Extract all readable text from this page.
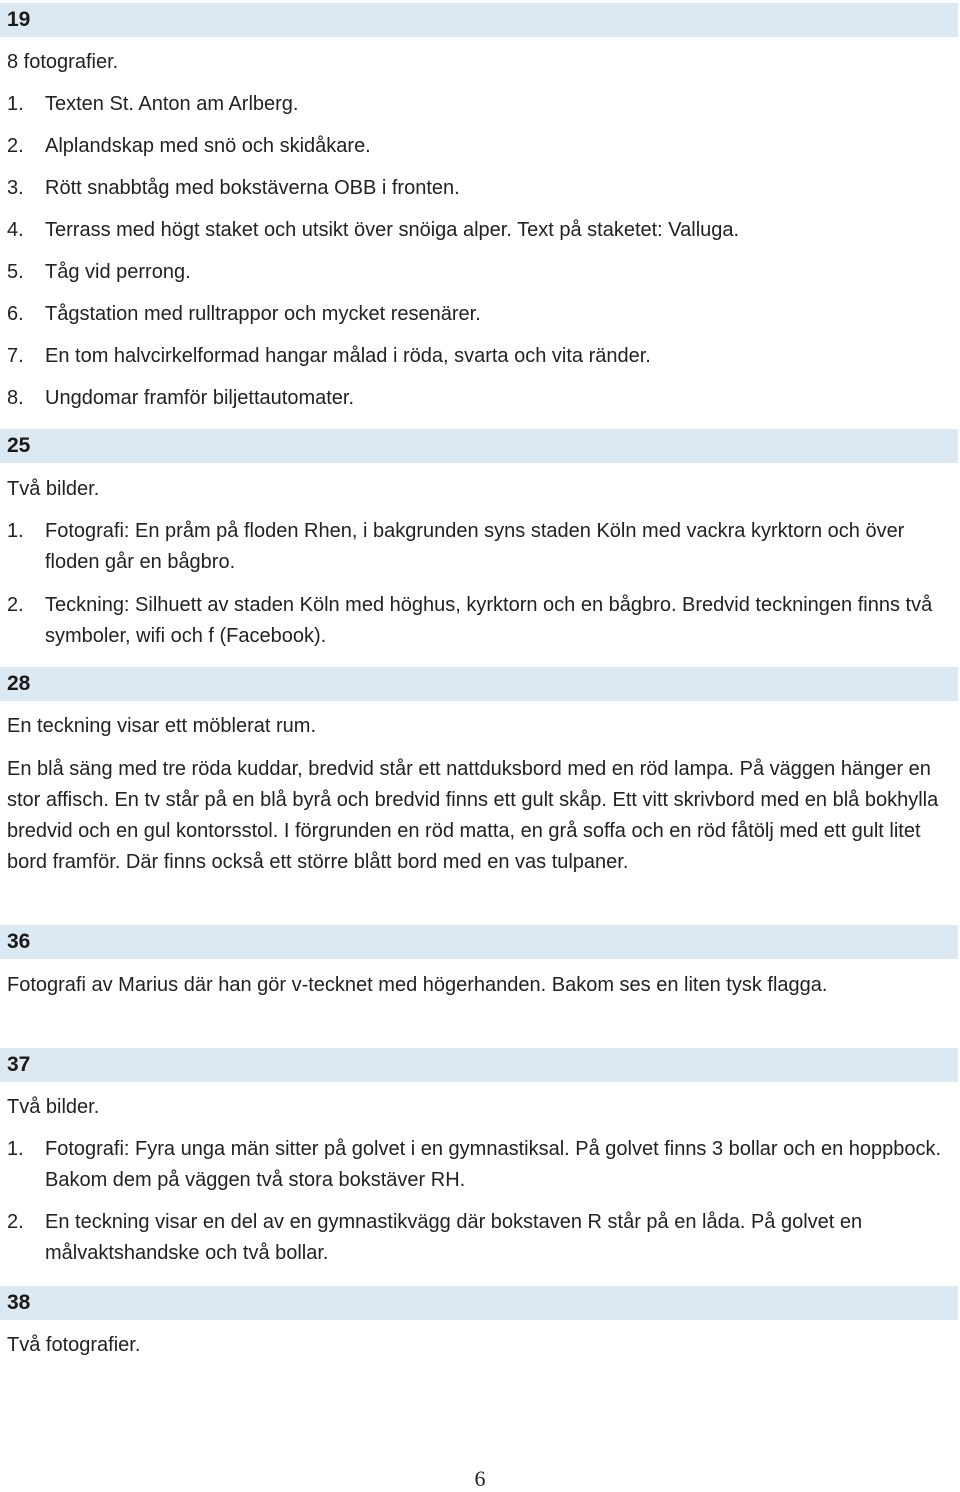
19
8 fotografier.
1. Texten St. Anton am Arlberg.
2. Alplandskap med snö och skidåkare.
3. Rött snabbtåg med bokstäverna OBB i fronten.
4. Terrass med högt staket och utsikt över snöiga alper. Text på staketet: Valluga.
5. Tåg vid perrong.
6. Tågstation med rulltrappor och mycket resenärer.
7. En tom halvcirkelformad hangar målad i röda, svarta och vita ränder.
8. Ungdomar framför biljettautomater.
25
Två bilder.
1. Fotografi: En pråm på floden Rhen, i bakgrunden syns staden Köln med vackra kyrktorn och över floden går en bågbro.
2. Teckning: Silhuett av staden Köln med höghus, kyrktorn och en bågbro. Bredvid teckningen finns två symboler, wifi och f (Facebook).
28
En teckning visar ett möblerat rum.
En blå säng med tre röda kuddar, bredvid står ett nattduksbord med en röd lampa. På väggen hänger en stor affisch. En tv står på en blå byrå och bredvid finns ett gult skåp. Ett vitt skrivbord med en blå bokhylla bredvid och en gul kontorsstol. I förgrunden en röd matta, en grå soffa och en röd fåtölj med ett gult litet bord framför. Där finns också ett större blått bord med en vas tulpaner.
36
Fotografi av Marius där han gör v-tecknet med högerhanden. Bakom ses en liten tysk flagga.
37
Två bilder.
1. Fotografi: Fyra unga män sitter på golvet i en gymnastiksal. På golvet finns 3 bollar och en hoppbock. Bakom dem på väggen två stora bokstäver RH.
2. En teckning visar en del av en gymnastikvägg där bokstaven R står på en låda. På golvet en målvaktshandske och två bollar.
38
Två fotografier.
6
